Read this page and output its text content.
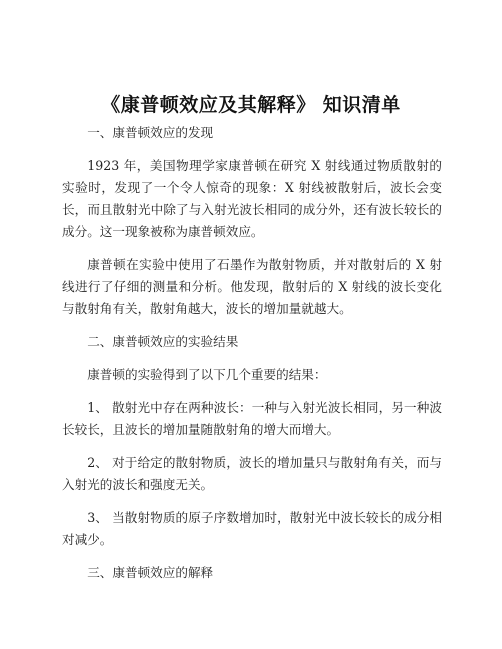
《康普顿效应及其解释》 知识清单
一、康普顿效应的发现

1923 年，美国物理学家康普顿在研究 X 射线通过物质散射的实验时，发现了一个令人惊奇的现象：X 射线被散射后，波长会变长，而且散射光中除了与入射光波长相同的成分外，还有波长较长的成分。这一现象被称为康普顿效应。

康普顿在实验中使用了石墨作为散射物质，并对散射后的 X 射线进行了仔细的测量和分析。他发现，散射后的 X 射线的波长变化与散射角有关，散射角越大，波长的增加量就越大。

二、康普顿效应的实验结果

康普顿的实验得到了以下几个重要的结果：

1、 散射光中存在两种波长：一种与入射光波长相同，另一种波长较长，且波长的增加量随散射角的增大而增大。

2、 对于给定的散射物质，波长的增加量只与散射角有关，而与入射光的波长和强度无关。

3、 当散射物质的原子序数增加时，散射光中波长较长的成分相对减少。

三、康普顿效应的解释
